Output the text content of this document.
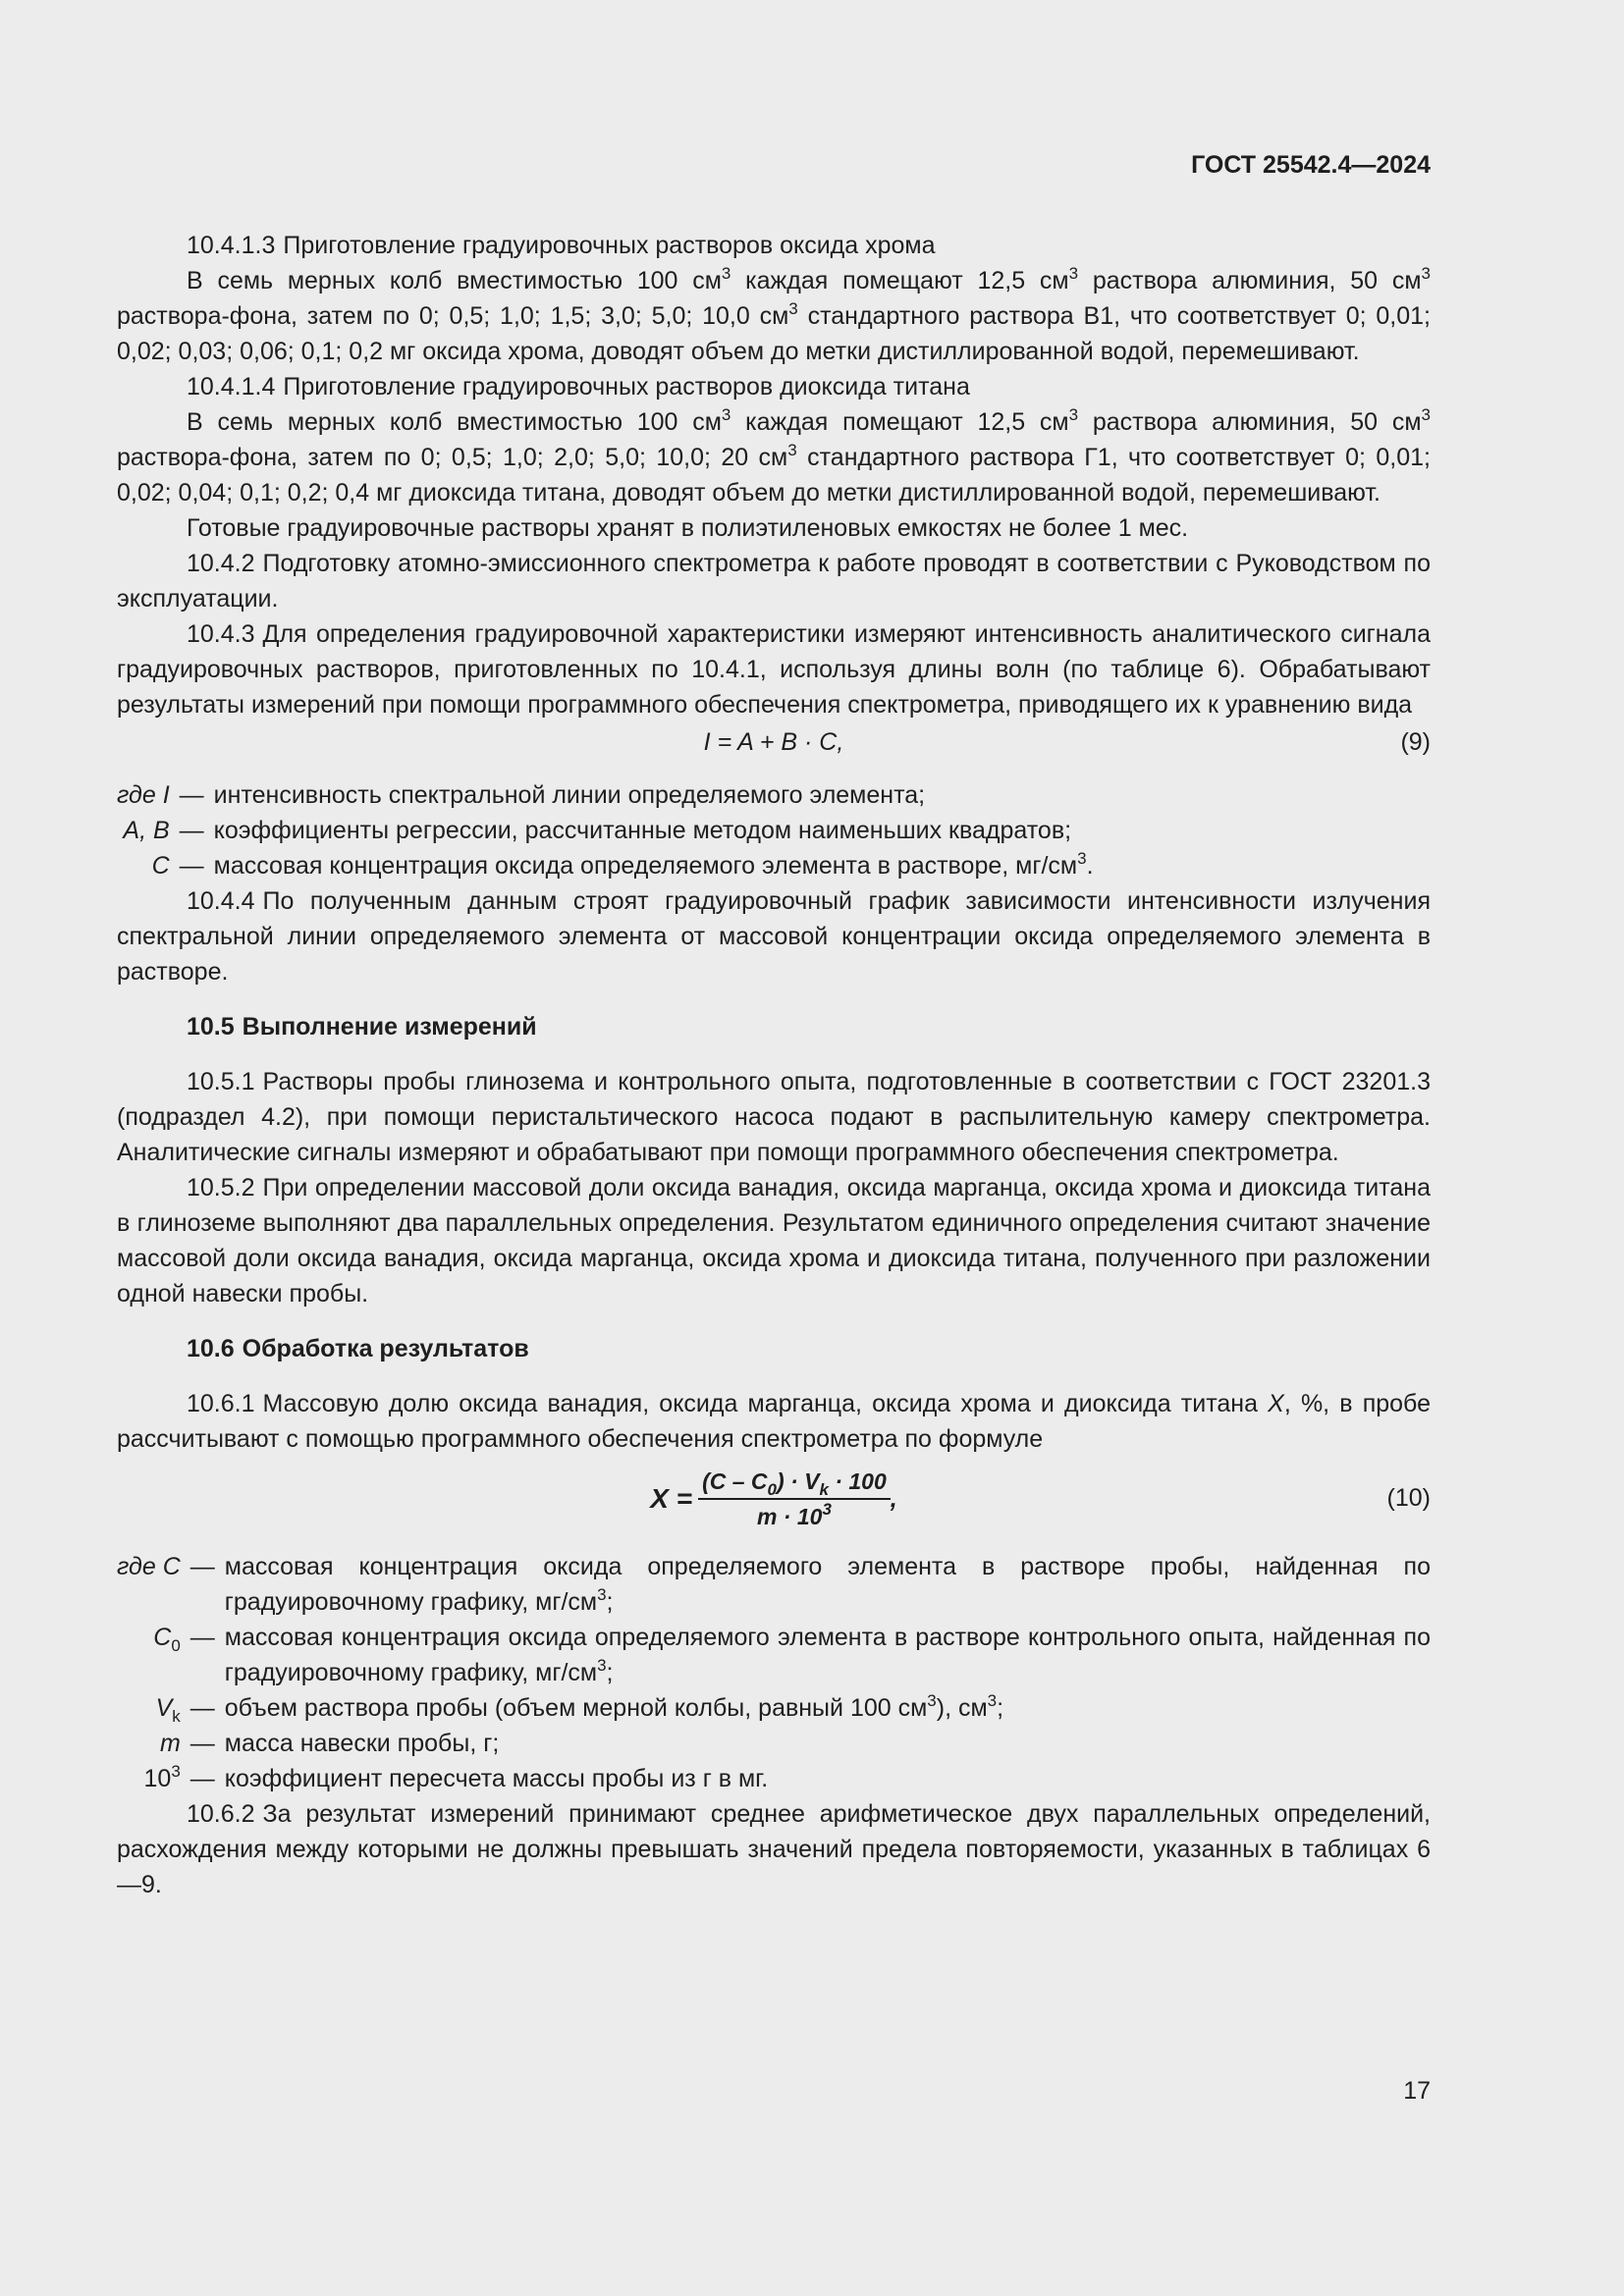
ГОСТ 25542.4—2024

10.4.1.3 Приготовление градуировочных растворов оксида хрома

В семь мерных колб вместимостью 100 $см^3$ каждая помещают 12,5 $см^3$ раствора алюминия, 50 $см^3$ раствора-фона, затем по 0; 0,5; 1,0; 1,5; 3,0; 5,0; 10,0 $см^3$ стандартного раствора В1, что соответствует 0; 0,01; 0,02; 0,03; 0,06; 0,1; 0,2 мг оксида хрома, доводят объем до метки дистиллированной водой, перемешивают.

10.4.1.4 Приготовление градуировочных растворов диоксида титана

В семь мерных колб вместимостью 100 $см^3$ каждая помещают 12,5 $см^3$ раствора алюминия, 50 $см^3$ раствора-фона, затем по 0; 0,5; 1,0; 2,0; 5,0; 10,0; 20 $см^3$ стандартного раствора Г1, что соответствует 0; 0,01; 0,02; 0,04; 0,1; 0,2; 0,4 мг диоксида титана, доводят объем до метки дистиллированной водой, перемешивают.

Готовые градуировочные растворы хранят в полиэтиленовых емкостях не более 1 мес.

10.4.2 Подготовку атомно-эмиссионного спектрометра к работе проводят в соответствии с Руководством по эксплуатации.

10.4.3 Для определения градуировочной характеристики измеряют интенсивность аналитического сигнала градуировочных растворов, приготовленных по 10.4.1, используя длины волн (по таблице 6). Обрабатывают результаты измерений при помощи программного обеспечения спектрометра, приводящего их к уравнению вида

I = A + B · C,	(9)
где I	—	интенсивность спектральной линии определяемого элемента;
A, B	—	коэффициенты регрессии, рассчитанные методом наименьших квадратов;
C	—	массовая концентрация оксида определяемого элемента в растворе, $мг/см^3$.

10.4.4 По полученным данным строят градуировочный график зависимости интенсивности излучения спектральной линии определяемого элемента от массовой концентрации оксида определяемого элемента в растворе.

10.5 Выполнение измерений

10.5.1 Растворы пробы глинозема и контрольного опыта, подготовленные в соответствии с ГОСТ 23201.3 (подраздел 4.2), при помощи перистальтического насоса подают в распылительную камеру спектрометра. Аналитические сигналы измеряют и обрабатывают при помощи программного обеспечения спектрометра.

10.5.2 При определении массовой доли оксида ванадия, оксида марганца, оксида хрома и диоксида титана в глиноземе выполняют два параллельных определения. Результатом единичного определения считают значение массовой доли оксида ванадия, оксида марганца, оксида хрома и диоксида титана, полученного при разложении одной навески пробы.

10.6 Обработка результатов

10.6.1 Массовую долю оксида ванадия, оксида марганца, оксида хрома и диоксида титана X, %, в пробе рассчитывают с помощью программного обеспечения спектрометра по формуле

$X = \frac{(C - C_0) \cdot V_k \cdot 100}{m \cdot 10^3}$ ,	(10)
где C	—	массовая концентрация оксида определяемого элемента в растворе пробы, найденная по градуировочному графику, $мг/см^3$;
$C_0$	—	массовая концентрация оксида определяемого элемента в растворе контрольного опыта, найденная по градуировочному графику, $мг/см^3$;
$V_k$	—	объем раствора пробы (объем мерной колбы, равный 100 $см^3$), $см^3$;
m	—	масса навески пробы, г;
$10^3$	—	коэффициент пересчета массы пробы из г в мг.

10.6.2 За результат измерений принимают среднее арифметическое двух параллельных определений, расхождения между которыми не должны превышать значений предела повторяемости, указанных в таблицах 6—9.

17
